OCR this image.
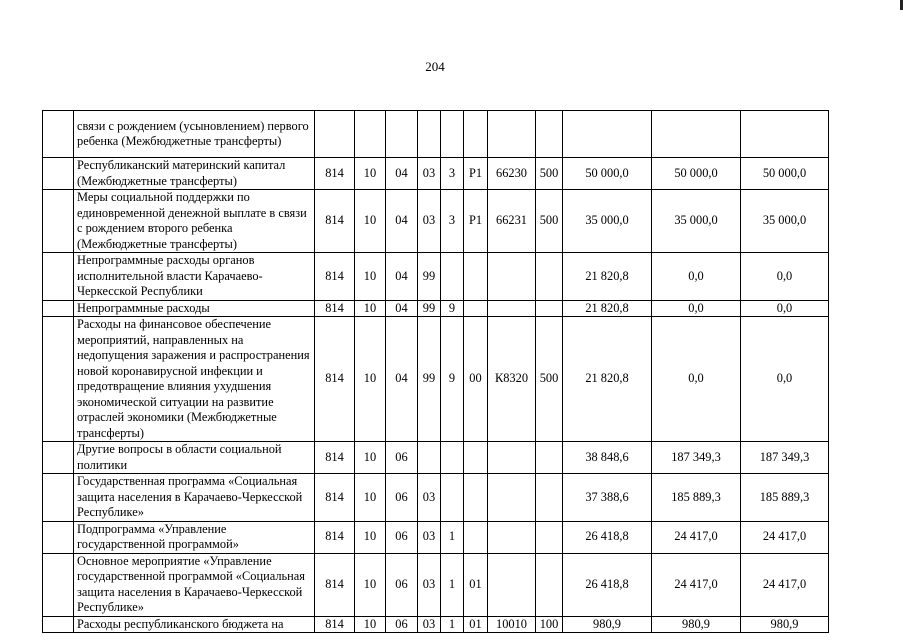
204
	связи с рождением (усыновлением) первого ребенка (Межбюджетные трансферты)											
	Республиканский материнский капитал (Межбюджетные трансферты)	814	10	04	03	3	Р1	66230	500	50 000,0	50 000,0	50 000,0
	Меры социальной поддержки по единовременной денежной выплате в связи с рождением второго ребенка (Межбюджетные трансферты)	814	10	04	03	3	Р1	66231	500	35 000,0	35 000,0	35 000,0
	Непрограммные расходы органов исполнительной власти Карачаево-Черкесской Республики	814	10	04	99					21 820,8	0,0	0,0
	Непрограммные расходы	814	10	04	99	9				21 820,8	0,0	0,0
	Расходы на финансовое обеспечение мероприятий, направленных на недопущения заражения и распространения новой коронавирусной инфекции и предотвращение влияния ухудшения экономической ситуации на развитие отраслей экономики (Межбюджетные трансферты)	814	10	04	99	9	00	К8320	500	21 820,8	0,0	0,0
	Другие вопросы в области социальной политики	814	10	06						38 848,6	187 349,3	187 349,3
	Государственная программа «Социальная защита населения в Карачаево-Черкесской Республике»	814	10	06	03					37 388,6	185 889,3	185 889,3
	Подпрограмма «Управление государственной программой»	814	10	06	03	1				26 418,8	24 417,0	24 417,0
	Основное мероприятие «Управление государственной программой «Социальная защита населения в Карачаево-Черкесской Республике»	814	10	06	03	1	01			26 418,8	24 417,0	24 417,0
	Расходы республиканского бюджета на	814	10	06	03	1	01	10010	100	980,9	980,9	980,9
